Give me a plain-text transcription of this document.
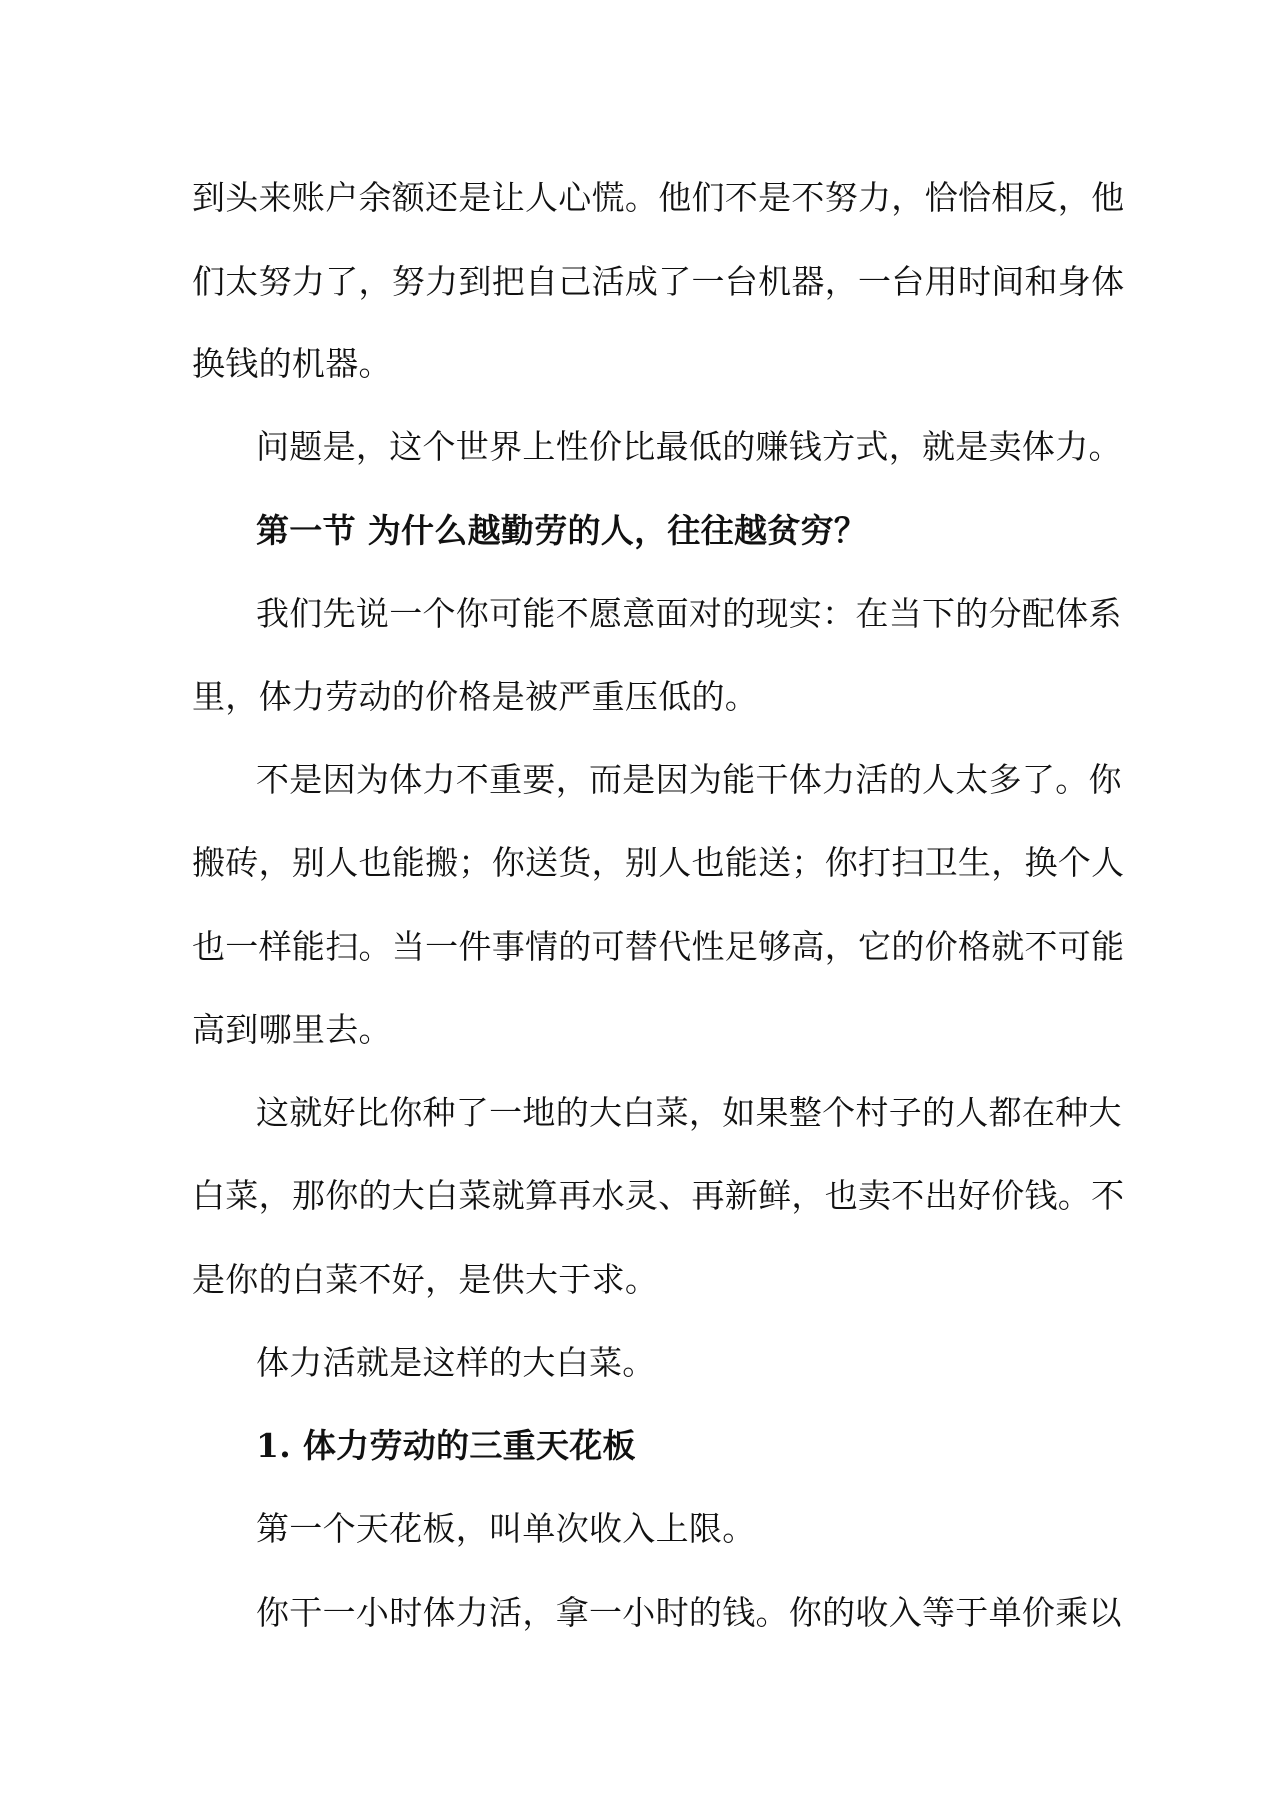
到头来账户余额还是让人心慌。他们不是不努力，恰恰相反，他
们太努力了，努力到把自己活成了一台机器，一台用时间和身体
换钱的机器。
问题是，这个世界上性价比最低的赚钱方式，就是卖体力。
第一节 为什么越勤劳的人，往往越贫穷？
我们先说一个你可能不愿意面对的现实：在当下的分配体系
里，体力劳动的价格是被严重压低的。
不是因为体力不重要，而是因为能干体力活的人太多了。你
搬砖，别人也能搬；你送货，别人也能送；你打扫卫生，换个人
也一样能扫。当一件事情的可替代性足够高，它的价格就不可能
高到哪里去。
这就好比你种了一地的大白菜，如果整个村子的人都在种大
白菜，那你的大白菜就算再水灵、再新鲜，也卖不出好价钱。不
是你的白菜不好，是供大于求。
体力活就是这样的大白菜。
1. 体力劳动的三重天花板
第一个天花板，叫单次收入上限。
你干一小时体力活，拿一小时的钱。你的收入等于单价乘以
